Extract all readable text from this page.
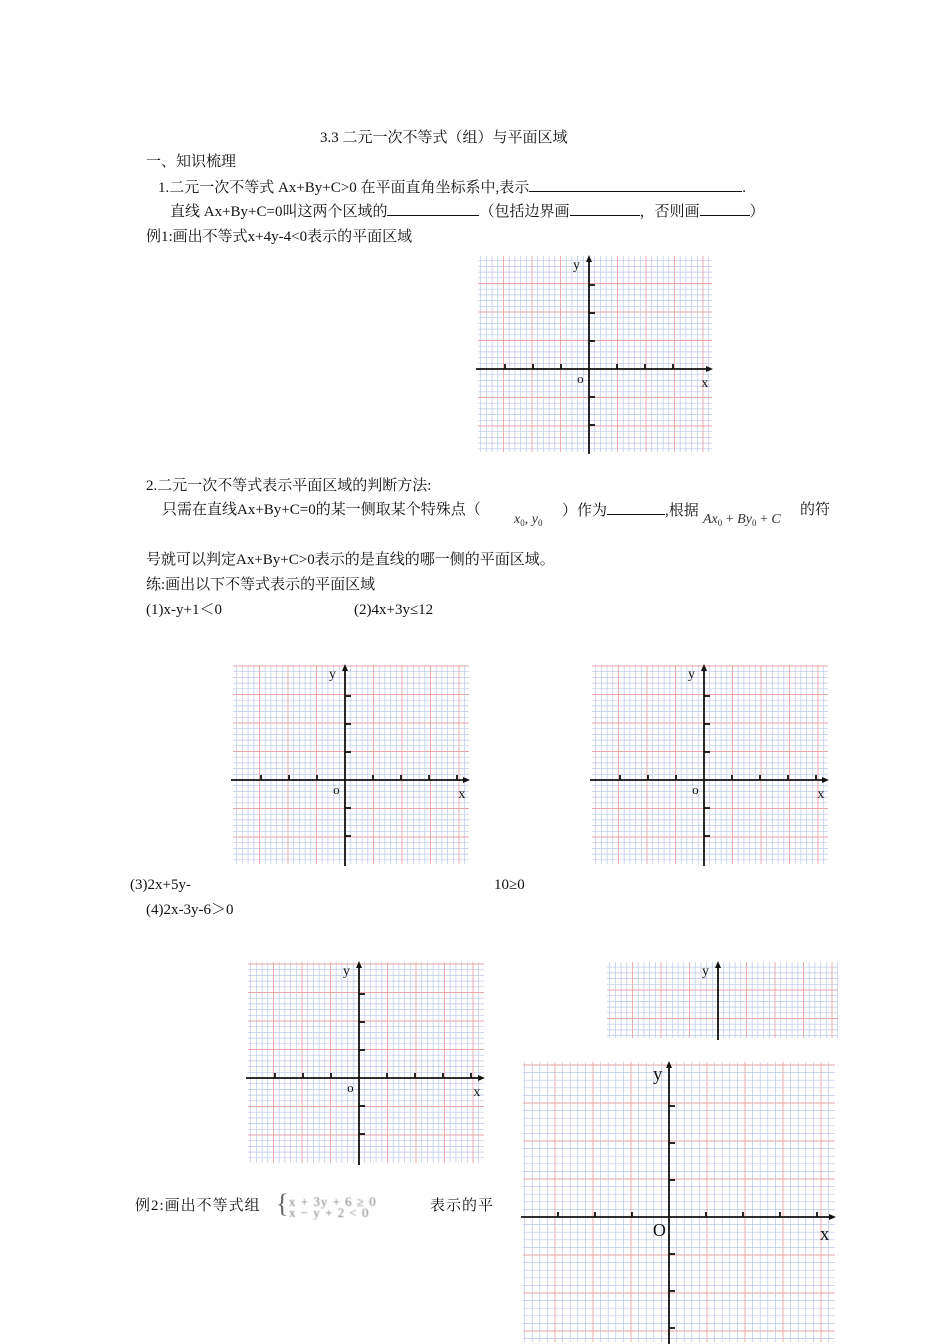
3.3 二元一次不等式（组）与平面区域
一、知识梳理
1.二元一次不等式 Ax+By+C>0 在平面直角坐标系中,表示	.
直线 Ax+By+C=0叫这两个区域的	（包括边界画	，否则画	）
例1:画出不等式x+4y-4<0表示的平面区域
2.二元一次不等式表示平面区域的判断方法:
只需在直线Ax+By+C=0的某一侧取某个特殊点（
$x_0$, $y_0$
）作为	,根据
$Ax_0 + By_0 + C$
的符
号就可以判定Ax+By+C>0表示的是直线的哪一侧的平面区域。
练:画出以下不等式表示的平面区域
(1)x-y+1＜0	(2)4x+3y≤12
(3)2x+5y-	10≥0
(4)2x-3y-6＞0
例2:画出不等式组 { x + 3y + 6 ≥ 0
x − y + 2 < 0	表示的平
y
x
o
y
x
o
y
x
o
y
x
o
y
y
x
O
